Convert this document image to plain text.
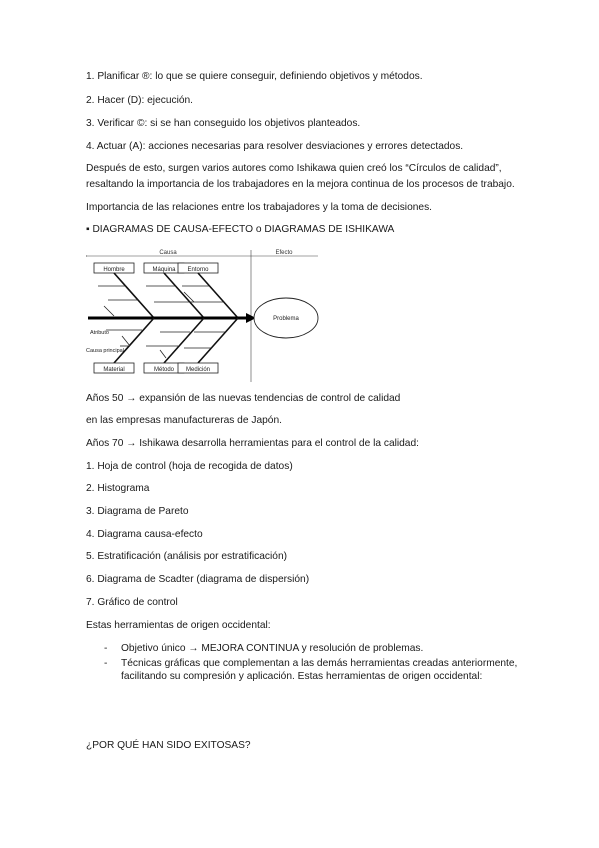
1. Planificar ®: lo que se quiere conseguir, definiendo objetivos y métodos.
2. Hacer (D): ejecución.
3. Verificar ©: si se han conseguido los objetivos planteados.
4. Actuar (A): acciones necesarias para resolver desviaciones y errores detectados.
Después de esto, surgen varios autores como Ishikawa quien creó los “Círculos de calidad”,
resaltando la importancia de los trabajadores en la mejora continua de los procesos de trabajo.
Importancia de las relaciones entre los trabajadores y la toma de decisiones.
▪ DIAGRAMAS DE CAUSA-EFECTO o DIAGRAMAS DE ISHIKAWA
Causa	Efecto
Hombre	Máquina Entorno
Problema
Material	Método Medición
Atributo
Causa principal
Años 50 → expansión de las nuevas tendencias de control de calidad
en las empresas manufactureras de Japón.
Años 70 → Ishikawa desarrolla herramientas para el control de la calidad:
1. Hoja de control (hoja de recogida de datos)
2. Histograma
3. Diagrama de Pareto
4. Diagrama causa-efecto
5. Estratificación (análisis por estratificación)
6. Diagrama de Scadter (diagrama de dispersión)
7. Gráfico de control
Estas herramientas de origen occidental:
- Objetivo único → MEJORA CONTINUA y resolución de problemas.
- Técnicas gráficas que complementan a las demás herramientas creadas anteriormente,
facilitando su compresión y aplicación. Estas herramientas de origen occidental:
¿POR QUÉ HAN SIDO EXITOSAS?
